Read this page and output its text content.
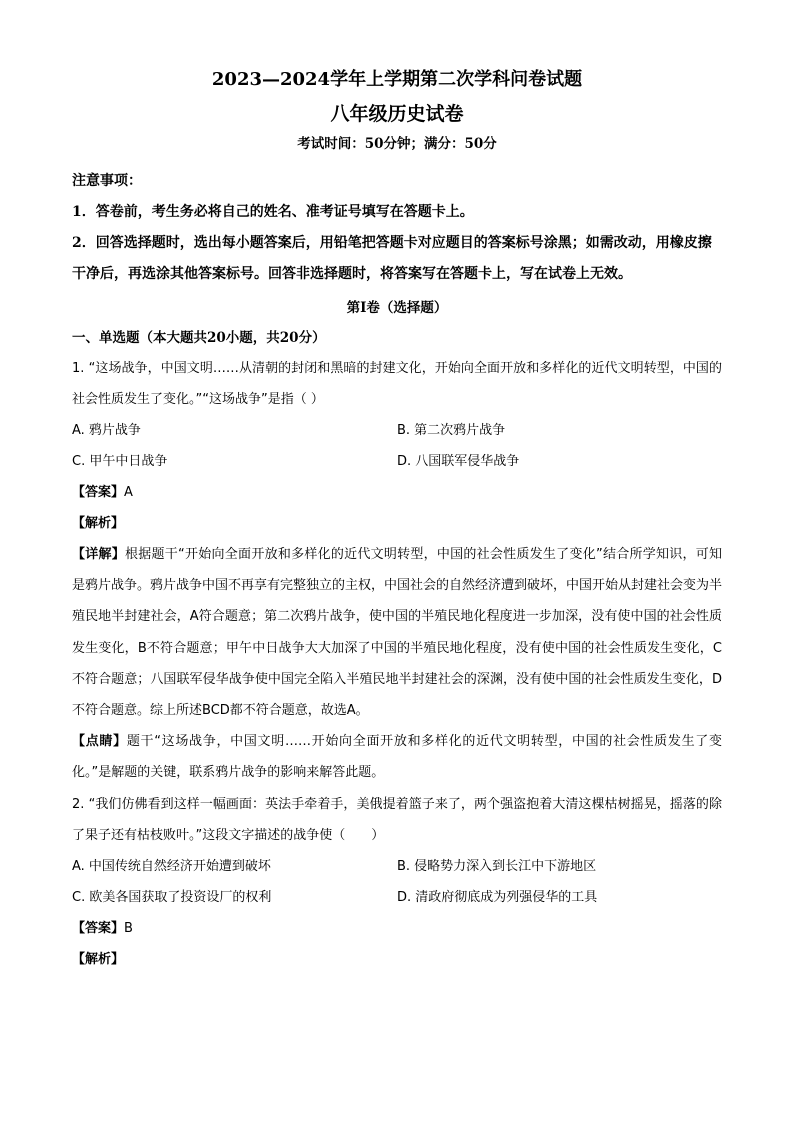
2023—2024学年上学期第二次学科问卷试题
八年级历史试卷
考试时间：50分钟；满分：50分
注意事项：
1．答卷前，考生务必将自己的姓名、准考证号填写在答题卡上。
2．回答选择题时，选出每小题答案后，用铅笔把答题卡对应题目的答案标号涂黑；如需改动，用橡皮擦干净后，再选涂其他答案标号。回答非选择题时，将答案写在答题卡上，写在试卷上无效。
第Ⅰ卷（选择题）
一、单选题（本大题共20小题，共20分）
1. “这场战争，中国文明……从清朝的封闭和黑暗的封建文化，开始向全面开放和多样化的近代文明转型，中国的社会性质发生了变化。”“这场战争”是指（ ）
A. 鸦片战争	B. 第二次鸦片战争
C. 甲午中日战争	D. 八国联军侵华战争
【答案】A
【解析】
【详解】根据题干“开始向全面开放和多样化的近代文明转型，中国的社会性质发生了变化”结合所学知识，可知是鸦片战争。鸦片战争中国不再享有完整独立的主权，中国社会的自然经济遭到破坏，中国开始从封建社会变为半殖民地半封建社会，A符合题意；第二次鸦片战争，使中国的半殖民地化程度进一步加深，没有使中国的社会性质发生变化，B不符合题意；甲午中日战争大大加深了中国的半殖民地化程度，没有使中国的社会性质发生变化，C不符合题意；八国联军侵华战争使中国完全陷入半殖民地半封建社会的深渊，没有使中国的社会性质发生变化，D不符合题意。综上所述BCD都不符合题意，故选A。
【点睛】题干“这场战争，中国文明……开始向全面开放和多样化的近代文明转型，中国的社会性质发生了变化。”是解题的关键，联系鸦片战争的影响来解答此题。
2. “我们仿佛看到这样一幅画面：英法手牵着手，美俄提着篮子来了，两个强盗抱着大清这棵枯树摇晃，摇落的除了果子还有枯枝败叶。”这段文字描述的战争使（　　）
A. 中国传统自然经济开始遭到破坏	B. 侵略势力深入到长江中下游地区
C. 欧美各国获取了投资设厂的权利	D. 清政府彻底成为列强侵华的工具
【答案】B
【解析】
